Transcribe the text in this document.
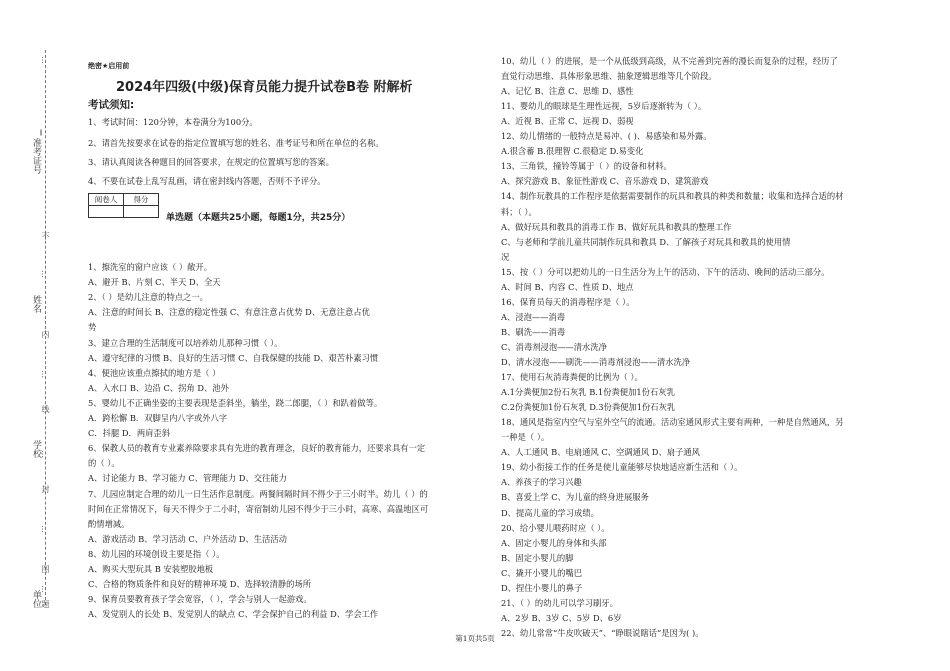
准考证号
姓名
学校
单位
…
不
…
内
…
线
…
封
…
图
…
题
绝密★启用前
2024年四级(中级)保育员能力提升试卷B卷 附解析
考试须知:
1、考试时间：120分钟，本卷满分为100分。
2、请首先按要求在试卷的指定位置填写您的姓名、准考证号和所在单位的名称。
3、请认真阅读各种题目的回答要求，在规定的位置填写您的答案。
4、不要在试卷上乱写乱画，请在密封线内答题，否则不予评分。
阅卷人	得分

单选题（本题共25小题，每题1分，共25分）
1、擦洗室的窗户应该（ ）敞开。
A、避开 B、片刻 C、半天 D、全天
2、（ ）是幼儿注意的特点之一。
A、注意的时间长 B、注意的稳定性强 C、有意注意占优势 D、无意注意占优
势
3、建立合理的生活制度可以培养幼儿那种习惯（ ）。
A、遵守纪律的习惯 B、良好的生活习惯 C、自我保健的技能 D、艰苦朴素习惯
4、便池应该重点擦拭的地方是（ ）
A、入水口 B、边沿 C、拐角 D、池外
5、婴幼儿不正确坐姿的主要表现是歪斜坐，躺坐，跷二郎腿，（ ）和趴着做等。
A．跨松懈 B．双脚呈内八字或外八字
C．抖腿 D．两肩歪斜
6、保教人员的教育专业素养除要求具有先进的教育理念，良好的教育能力，还要求具有一定
的（ ）。
A、讨论能力 B、学习能力 C、管理能力 D、交往能力
7、儿园应制定合理的幼儿一日生活作息制度。两餐间隔时间不得少于三小时半。幼儿（ ）的
时间在正常情况下，每天不得少于二小时，寄宿制幼儿园不得少于三小时，高寒、高温地区可
酌情增减。
A、游戏活动 B、学习活动 C、户外活动 D、生活活动
8、幼儿园的环境创设主要是指（ ）。
A、购买大型玩具 B 安装塑胶地板
C、合格的物质条件和良好的精神环境 D、选择较清静的场所
9、保育员要教育孩子学会宽容，（ ），学会与别人一起游戏。
A、发觉别人的长处 B、发觉别人的缺点 C、学会保护自己的利益 D、学会工作
10、幼儿（ ）的进展，是一个从低级到高级，从不完善到完善的漫长而复杂的过程，经历了
直觉行动思维、具体形象思维、抽象逻辑思维等几个阶段。
A、记忆 B、注意 C、思维 D、感性
11、婴幼儿的眼球是生理性远视，5岁后逐渐转为（ ）。
A、近视 B、正常 C、远视 D、弱视
12、幼儿情绪的一般特点是易冲、( )、易感染和易外露。
A.很含蓄 B.很理智 C.很稳定 D.易变化
13、三角铁，撞铃等属于（ ）的设备和材料。
A、探究游戏 B、象征性游戏 C、音乐游戏 D、建筑游戏
14、制作玩教具的工作程序是依据需要制作的玩具和教具的种类和数量；收集和选择合适的材
料；（ ）。
A、做好玩具和教具的消毒工作 B、做好玩具和教具的整理工作
C、与老师和学前儿童共同制作玩具和教具 D、了解孩子对玩具和教具的使用情
况
15、按（ ）分可以把幼儿的一日生活分为上午的活动、下午的活动、晚间的活动三部分。
A、时间 B、内容 C、性质 D、地点
16、保育员每天的消毒程序是（ ）。
A、浸泡——消毒
B、刷洗——消毒
C、消毒剂浸泡——清水洗净
D、清水浸泡——刷洗——消毒剂浸泡——清水洗净
17、使用石灰消毒粪便的比例为（ ）。
A.1分粪便加2份石灰乳 B.1份粪便加1份石灰乳
C.2份粪便加1份石灰乳 D.3份粪便加1份石灰乳
18、通风是指室内空气与室外空气的流通。活动室通风形式主要有两种，一种是自然通风，另
一种是（ ）。
A、人工通风 B、电扇通风 C、空调通风 D、扇子通风
19、幼小衔接工作的任务是使儿童能够尽快地适应新生活和（ ）。
A、养孩子的学习兴趣
B、喜爱上学 C、为儿童的終身进展服务
D、提高儿童的学习成绩。
20、给小婴儿喂药时应（ ）。
A、固定小婴儿的身体和头部
B、固定小婴儿的脚
C、撬开小婴儿的嘴巴
D、捏住小婴儿的鼻子
21、（ ）的幼儿可以学习刷牙。
A、2岁 B、3岁 C、5岁 D、6岁
22、幼儿常常“牛皮吹破天”、“睁眼说瞎话”是因为( )。
第1页共5页
